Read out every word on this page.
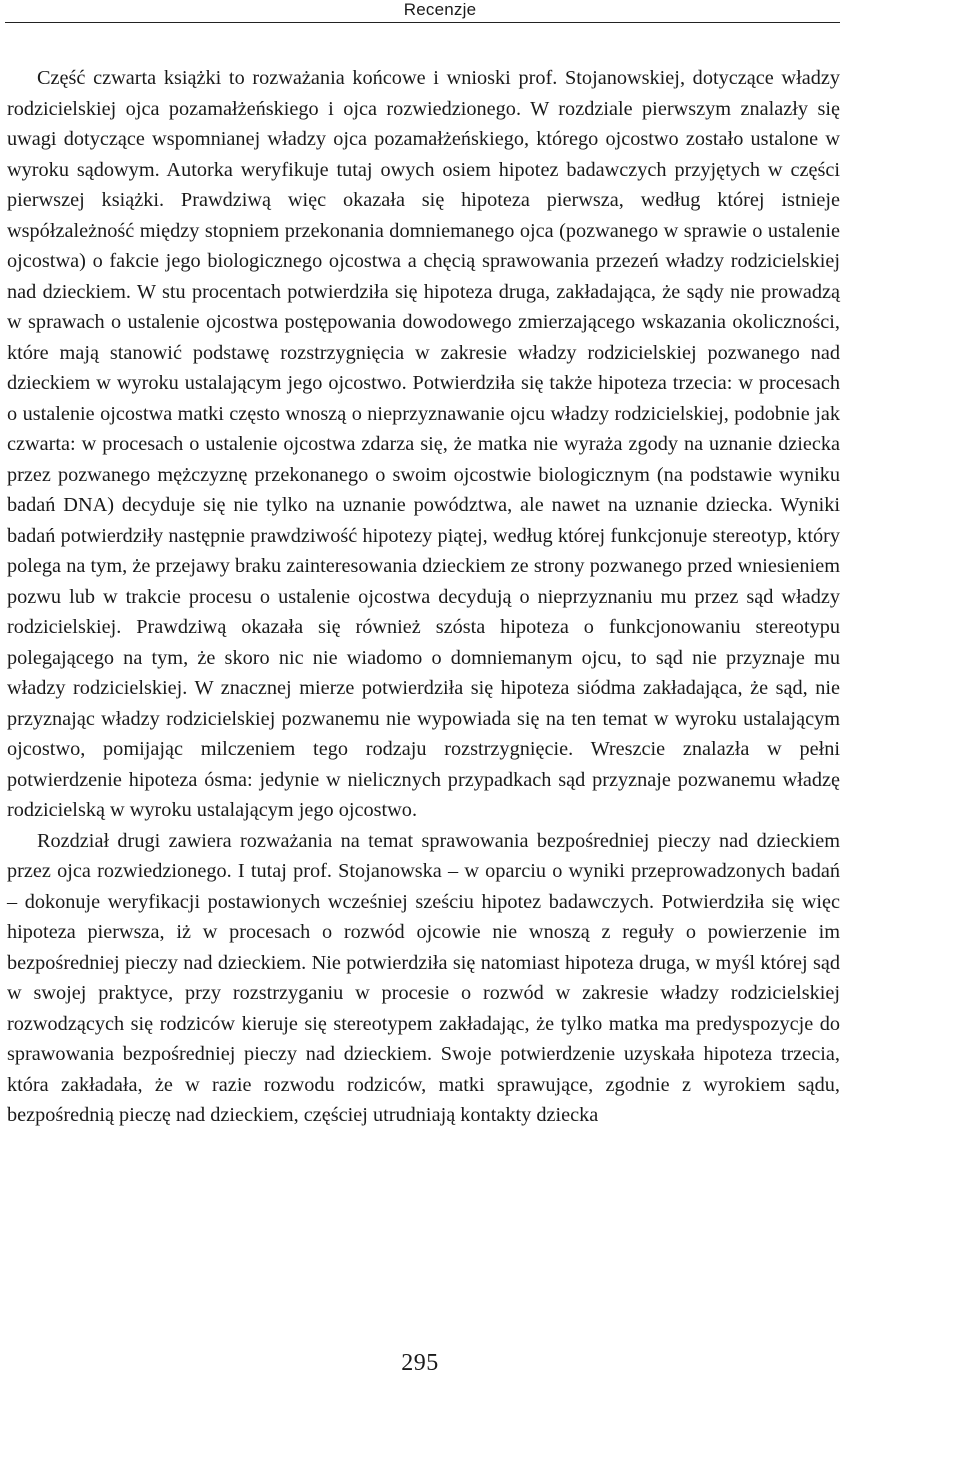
Recenzje

Część czwarta książki to rozważania końcowe i wnioski prof. Stojanowskiej, dotyczące władzy rodzicielskiej ojca pozamałżeńskiego i ojca rozwiedzionego. W rozdziale pierwszym znalazły się uwagi dotyczące wspomnianej władzy ojca pozamałżeńskiego, którego ojcostwo zostało ustalone w wyroku sądowym. Autorka weryfikuje tutaj owych osiem hipotez badawczych przyjętych w części pierwszej książki. Prawdziwą więc okazała się hipoteza pierwsza, według której istnieje współzależność między stopniem przekonania domniemanego ojca (pozwanego w sprawie o ustalenie ojcostwa) o fakcie jego biologicznego ojcostwa a chęcią sprawowania przezeń władzy rodzicielskiej nad dzieckiem. W stu procentach potwierdziła się hipoteza druga, zakładająca, że sądy nie prowadzą w sprawach o ustalenie ojcostwa postępowania dowodowego zmierzającego wskazania okoliczności, które mają stanowić podstawę rozstrzygnięcia w zakresie władzy rodzicielskiej pozwanego nad dzieckiem w wyroku ustalającym jego ojcostwo. Potwierdziła się także hipoteza trzecia: w procesach o ustalenie ojcostwa matki często wnoszą o nieprzyznawanie ojcu władzy rodzicielskiej, podobnie jak czwarta: w procesach o ustalenie ojcostwa zdarza się, że matka nie wyraża zgody na uznanie dziecka przez pozwanego mężczyznę przekonanego o swoim ojcostwie biologicznym (na podstawie wyniku badań DNA) decyduje się nie tylko na uznanie powództwa, ale nawet na uznanie dziecka. Wyniki badań potwierdziły następnie prawdziwość hipotezy piątej, według której funkcjonuje stereotyp, który polega na tym, że przejawy braku zainteresowania dzieckiem ze strony pozwanego przed wniesieniem pozwu lub w trakcie procesu o ustalenie ojcostwa decydują o nieprzyznaniu mu przez sąd władzy rodzicielskiej. Prawdziwą okazała się również szósta hipoteza o funkcjonowaniu stereotypu polegającego na tym, że skoro nic nie wiadomo o domniemanym ojcu, to sąd nie przyznaje mu władzy rodzicielskiej. W znacznej mierze potwierdziła się hipoteza siódma zakładająca, że sąd, nie przyznając władzy rodzicielskiej pozwanemu nie wypowiada się na ten temat w wyroku ustalającym ojcostwo, pomijając milczeniem tego rodzaju rozstrzygnięcie. Wreszcie znalazła w pełni potwierdzenie hipoteza ósma: jedynie w nielicznych przypadkach sąd przyznaje pozwanemu władzę rodzicielską w wyroku ustalającym jego ojcostwo.

Rozdział drugi zawiera rozważania na temat sprawowania bezpośredniej pieczy nad dzieckiem przez ojca rozwiedzionego. I tutaj prof. Stojanowska – w oparciu o wyniki przeprowadzonych badań – dokonuje weryfikacji postawionych wcześniej sześciu hipotez badawczych. Potwierdziła się więc hipoteza pierwsza, iż w procesach o rozwód ojcowie nie wnoszą z reguły o powierzenie im bezpośredniej pieczy nad dzieckiem. Nie potwierdziła się natomiast hipoteza druga, w myśl której sąd w swojej praktyce, przy rozstrzyganiu w procesie o rozwód w zakresie władzy rodzicielskiej rozwodzących się rodziców kieruje się stereotypem zakładając, że tylko matka ma predyspozycje do sprawowania bezpośredniej pieczy nad dzieckiem. Swoje potwierdzenie uzyskała hipoteza trzecia, która zakładała, że w razie rozwodu rodziców, matki sprawujące, zgodnie z wyrokiem sądu, bezpośrednią pieczę nad dzieckiem, częściej utrudniają kontakty dziecka

295
